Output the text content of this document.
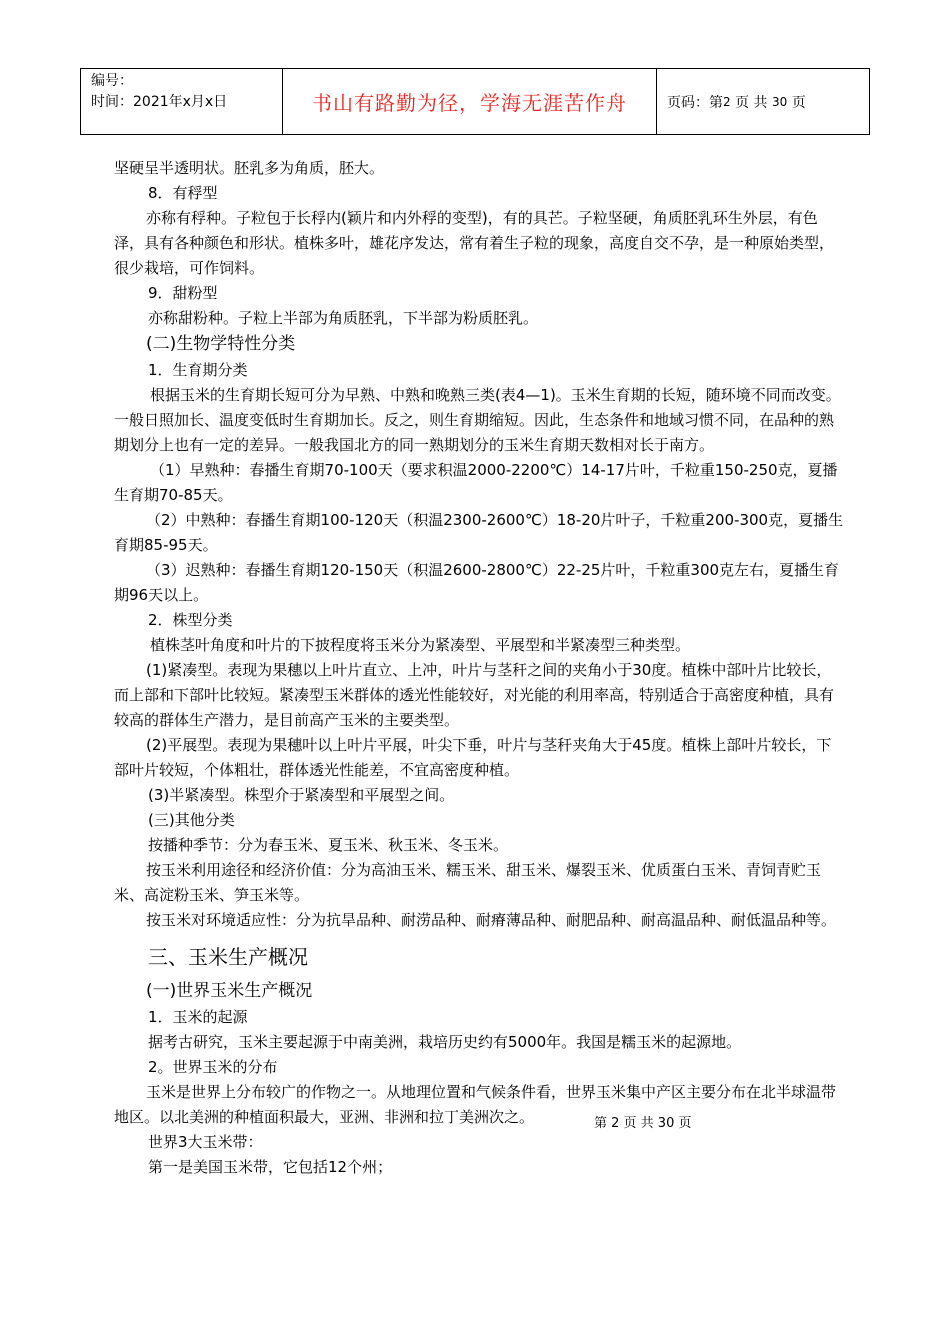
编号：
时间：2021年x月x日	书山有路勤为径，学海无涯苦作舟	页码：第 2
页 共
30
页
坚硬呈半透明状。胚乳多为角质，胚大。
8．有稃型
亦称有稃种。子粒包于长稃内(颖片和内外稃的变型)，有的具芒。子粒坚硬，角质胚乳环生外层，有色泽，具有各种颜色和形状。植株多叶，雄花序发达，常有着生子粒的现象，高度自交不孕，是一种原始类型，很少栽培，可作饲料。
9．甜粉型
亦称甜粉种。子粒上半部为角质胚乳，下半部为粉质胚乳。
(二)生物学特性分类
1．生育期分类
根据玉米的生育期长短可分为早熟、中熟和晚熟三类(表4—1)。玉米生育期的长短，随环境不同而改变。一般日照加长、温度变低时生育期加长。反之，则生育期缩短。因此，生态条件和地域习惯不同，在品种的熟期划分上也有一定的差异。一般我国北方的同一熟期划分的玉米生育期天数相对长于南方。
（1）早熟种：春播生育期70-100天（要求积温2000-2200℃）14-17片叶，千粒重150-250克，夏播生育期70-85天。
（2）中熟种：春播生育期100-120天（积温2300-2600℃）18-20片叶子，千粒重200-300克，夏播生育期85-95天。
（3）迟熟种：春播生育期120-150天（积温2600-2800℃）22-25片叶，千粒重300克左右，夏播生育期96天以上。
2．株型分类
植株茎叶角度和叶片的下披程度将玉米分为紧凑型、平展型和半紧凑型三种类型。
(1)紧凑型。表现为果穗以上叶片直立、上冲，叶片与茎秆之间的夹角小于30度。植株中部叶片比较长，而上部和下部叶比较短。紧凑型玉米群体的透光性能较好，对光能的利用率高，特别适合于高密度种植，具有较高的群体生产潜力，是目前高产玉米的主要类型。
(2)平展型。表现为果穗叶以上叶片平展，叶尖下垂，叶片与茎秆夹角大于45度。植株上部叶片较长，下部叶片较短，个体粗壮，群体透光性能差，不宜高密度种植。
(3)半紧凑型。株型介于紧凑型和平展型之间。
(三)其他分类
按播种季节：分为春玉米、夏玉米、秋玉米、冬玉米。
按玉米利用途径和经济价值：分为高油玉米、糯玉米、甜玉米、爆裂玉米、优质蛋白玉米、青饲青贮玉米、高淀粉玉米、笋玉米等。
按玉米对环境适应性：分为抗旱品种、耐涝品种、耐瘠薄品种、耐肥品种、耐高温品种、耐低温品种等。
三、玉米生产概况
(一)世界玉米生产概况
1．玉米的起源
据考古研究，玉米主要起源于中南美洲，栽培历史约有5000年。我国是糯玉米的起源地。
2。世界玉米的分布
玉米是世界上分布较广的作物之一。从地理位置和气候条件看，世界玉米集中产区主要分布在北半球温带地区。以北美洲的种植面积最大，亚洲、非洲和拉丁美洲次之。
世界3大玉米带：
第一是美国玉米带，它包括12个州；
第 2 页 共 30 页
